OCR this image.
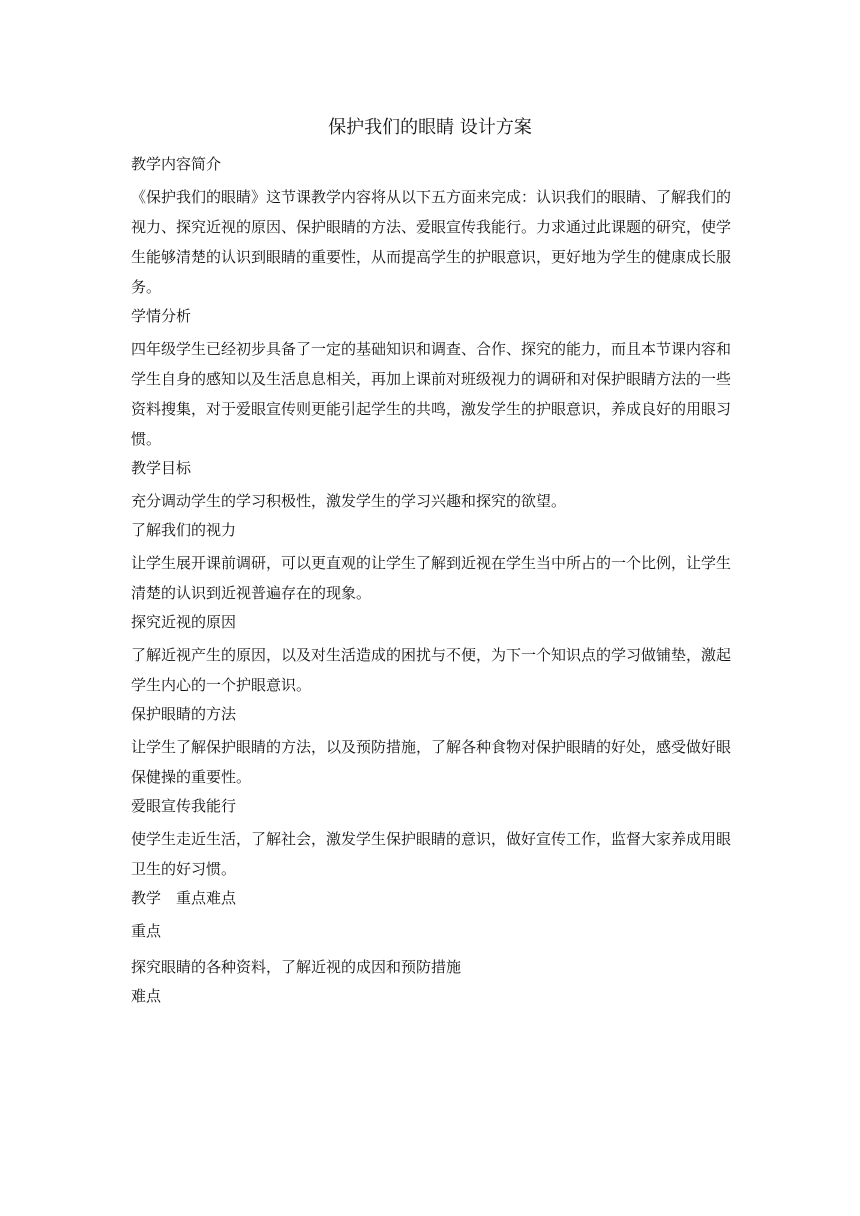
保护我们的眼睛 设计方案
教学内容简介
《保护我们的眼睛》这节课教学内容将从以下五方面来完成：认识我们的眼睛、了解我们的视力、探究近视的原因、保护眼睛的方法、爱眼宣传我能行。力求通过此课题的研究，使学生能够清楚的认识到眼睛的重要性，从而提高学生的护眼意识，更好地为学生的健康成长服务。
学情分析
四年级学生已经初步具备了一定的基础知识和调查、合作、探究的能力，而且本节课内容和学生自身的感知以及生活息息相关，再加上课前对班级视力的调研和对保护眼睛方法的一些资料搜集，对于爱眼宣传则更能引起学生的共鸣，激发学生的护眼意识，养成良好的用眼习惯。
教学目标
充分调动学生的学习积极性，激发学生的学习兴趣和探究的欲望。
了解我们的视力
让学生展开课前调研，可以更直观的让学生了解到近视在学生当中所占的一个比例，让学生清楚的认识到近视普遍存在的现象。
探究近视的原因
了解近视产生的原因，以及对生活造成的困扰与不便，为下一个知识点的学习做铺垫，激起学生内心的一个护眼意识。
保护眼睛的方法
让学生了解保护眼睛的方法，以及预防措施，了解各种食物对保护眼睛的好处，感受做好眼保健操的重要性。
爱眼宣传我能行
使学生走近生活，了解社会，激发学生保护眼睛的意识，做好宣传工作，监督大家养成用眼卫生的好习惯。
教学　重点难点
重点
探究眼睛的各种资料，了解近视的成因和预防措施
难点
